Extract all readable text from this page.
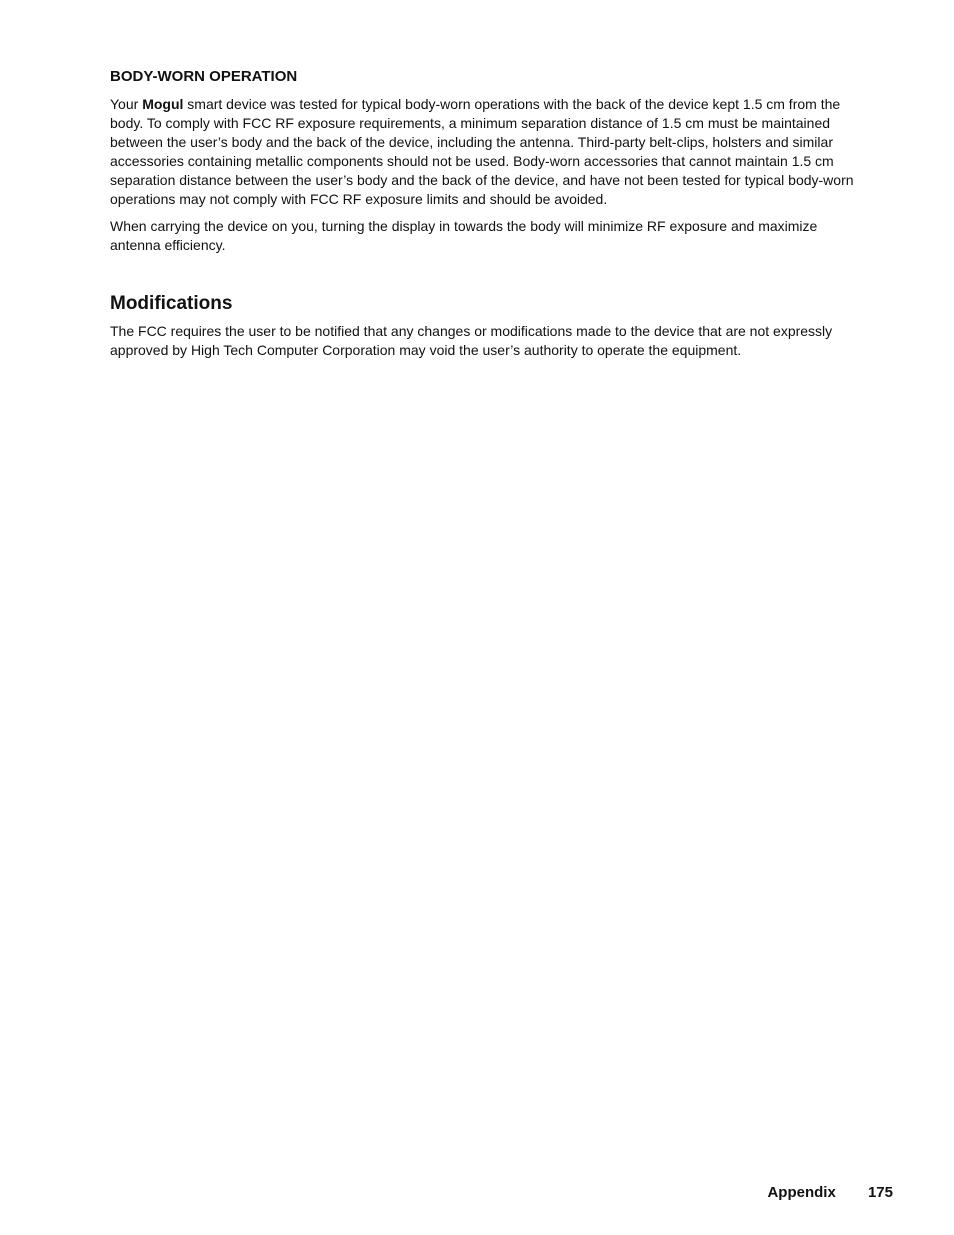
BODY-WORN OPERATION

Your Mogul smart device was tested for typical body-worn operations with the back of the device kept 1.5 cm from the body. To comply with FCC RF exposure requirements, a minimum separation distance of 1.5 cm must be maintained between the user’s body and the back of the device, including the antenna. Third-party belt-clips, holsters and similar accessories containing metallic components should not be used. Body-worn accessories that cannot maintain 1.5 cm separation distance between the user’s body and the back of the device, and have not been tested for typical body-worn operations may not comply with FCC RF exposure limits and should be avoided.

When carrying the device on you, turning the display in towards the body will minimize RF exposure and maximize antenna efficiency.

Modifications

The FCC requires the user to be notified that any changes or modifications made to the device that are not expressly approved by High Tech Computer Corporation may void the user’s authority to operate the equipment.

Appendix 175
